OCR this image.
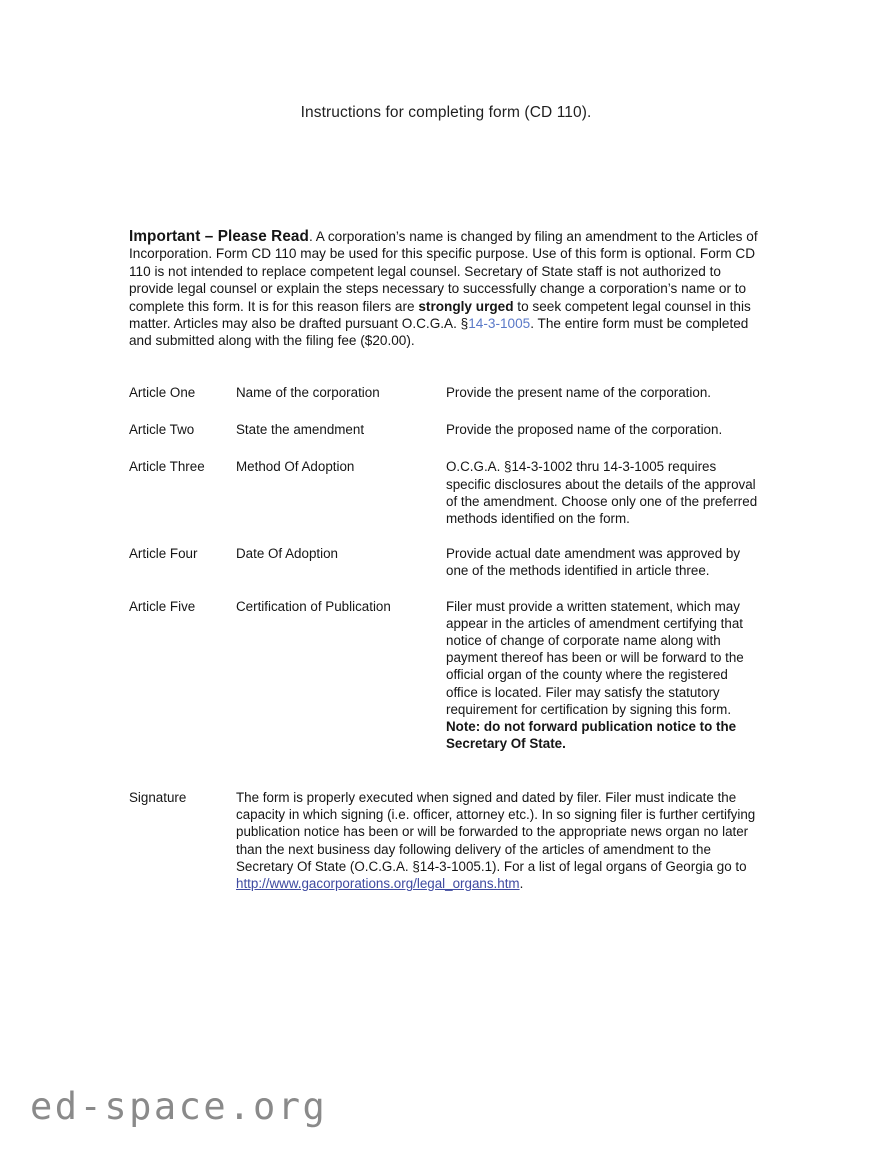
Instructions for completing form (CD 110).
Important – Please Read. A corporation’s name is changed by filing an amendment to the Articles of Incorporation. Form CD 110 may be used for this specific purpose. Use of this form is optional. Form CD 110 is not intended to replace competent legal counsel. Secretary of State staff is not authorized to provide legal counsel or explain the steps necessary to successfully change a corporation’s name or to complete this form. It is for this reason filers are strongly urged to seek competent legal counsel in this matter. Articles may also be drafted pursuant O.C.G.A. §14-3-1005. The entire form must be completed and submitted along with the filing fee ($20.00).
Article One	Name of the corporation	Provide the present name of the corporation.
Article Two	State the amendment	Provide the proposed name of the corporation.
Article Three	Method Of Adoption	O.C.G.A. §14-3-1002 thru 14-3-1005 requires specific disclosures about the details of the approval of the amendment. Choose only one of the preferred methods identified on the form.
Article Four	Date Of Adoption	Provide actual date amendment was approved by one of the methods identified in article three.
Article Five	Certification of Publication	Filer must provide a written statement, which may appear in the articles of amendment certifying that notice of change of corporate name along with payment thereof has been or will be forward to the official organ of the county where the registered office is located. Filer may satisfy the statutory requirement for certification by signing this form. Note: do not forward publication notice to the Secretary Of State.
Signature	The form is properly executed when signed and dated by filer. Filer must indicate the capacity in which signing (i.e. officer, attorney etc.). In so signing filer is further certifying publication notice has been or will be forwarded to the appropriate news organ no later than the next business day following delivery of the articles of amendment to the Secretary Of State (O.C.G.A. §14-3-1005.1). For a list of legal organs of Georgia go to http://www.gacorporations.org/legal_organs.htm.
ed-space.org
